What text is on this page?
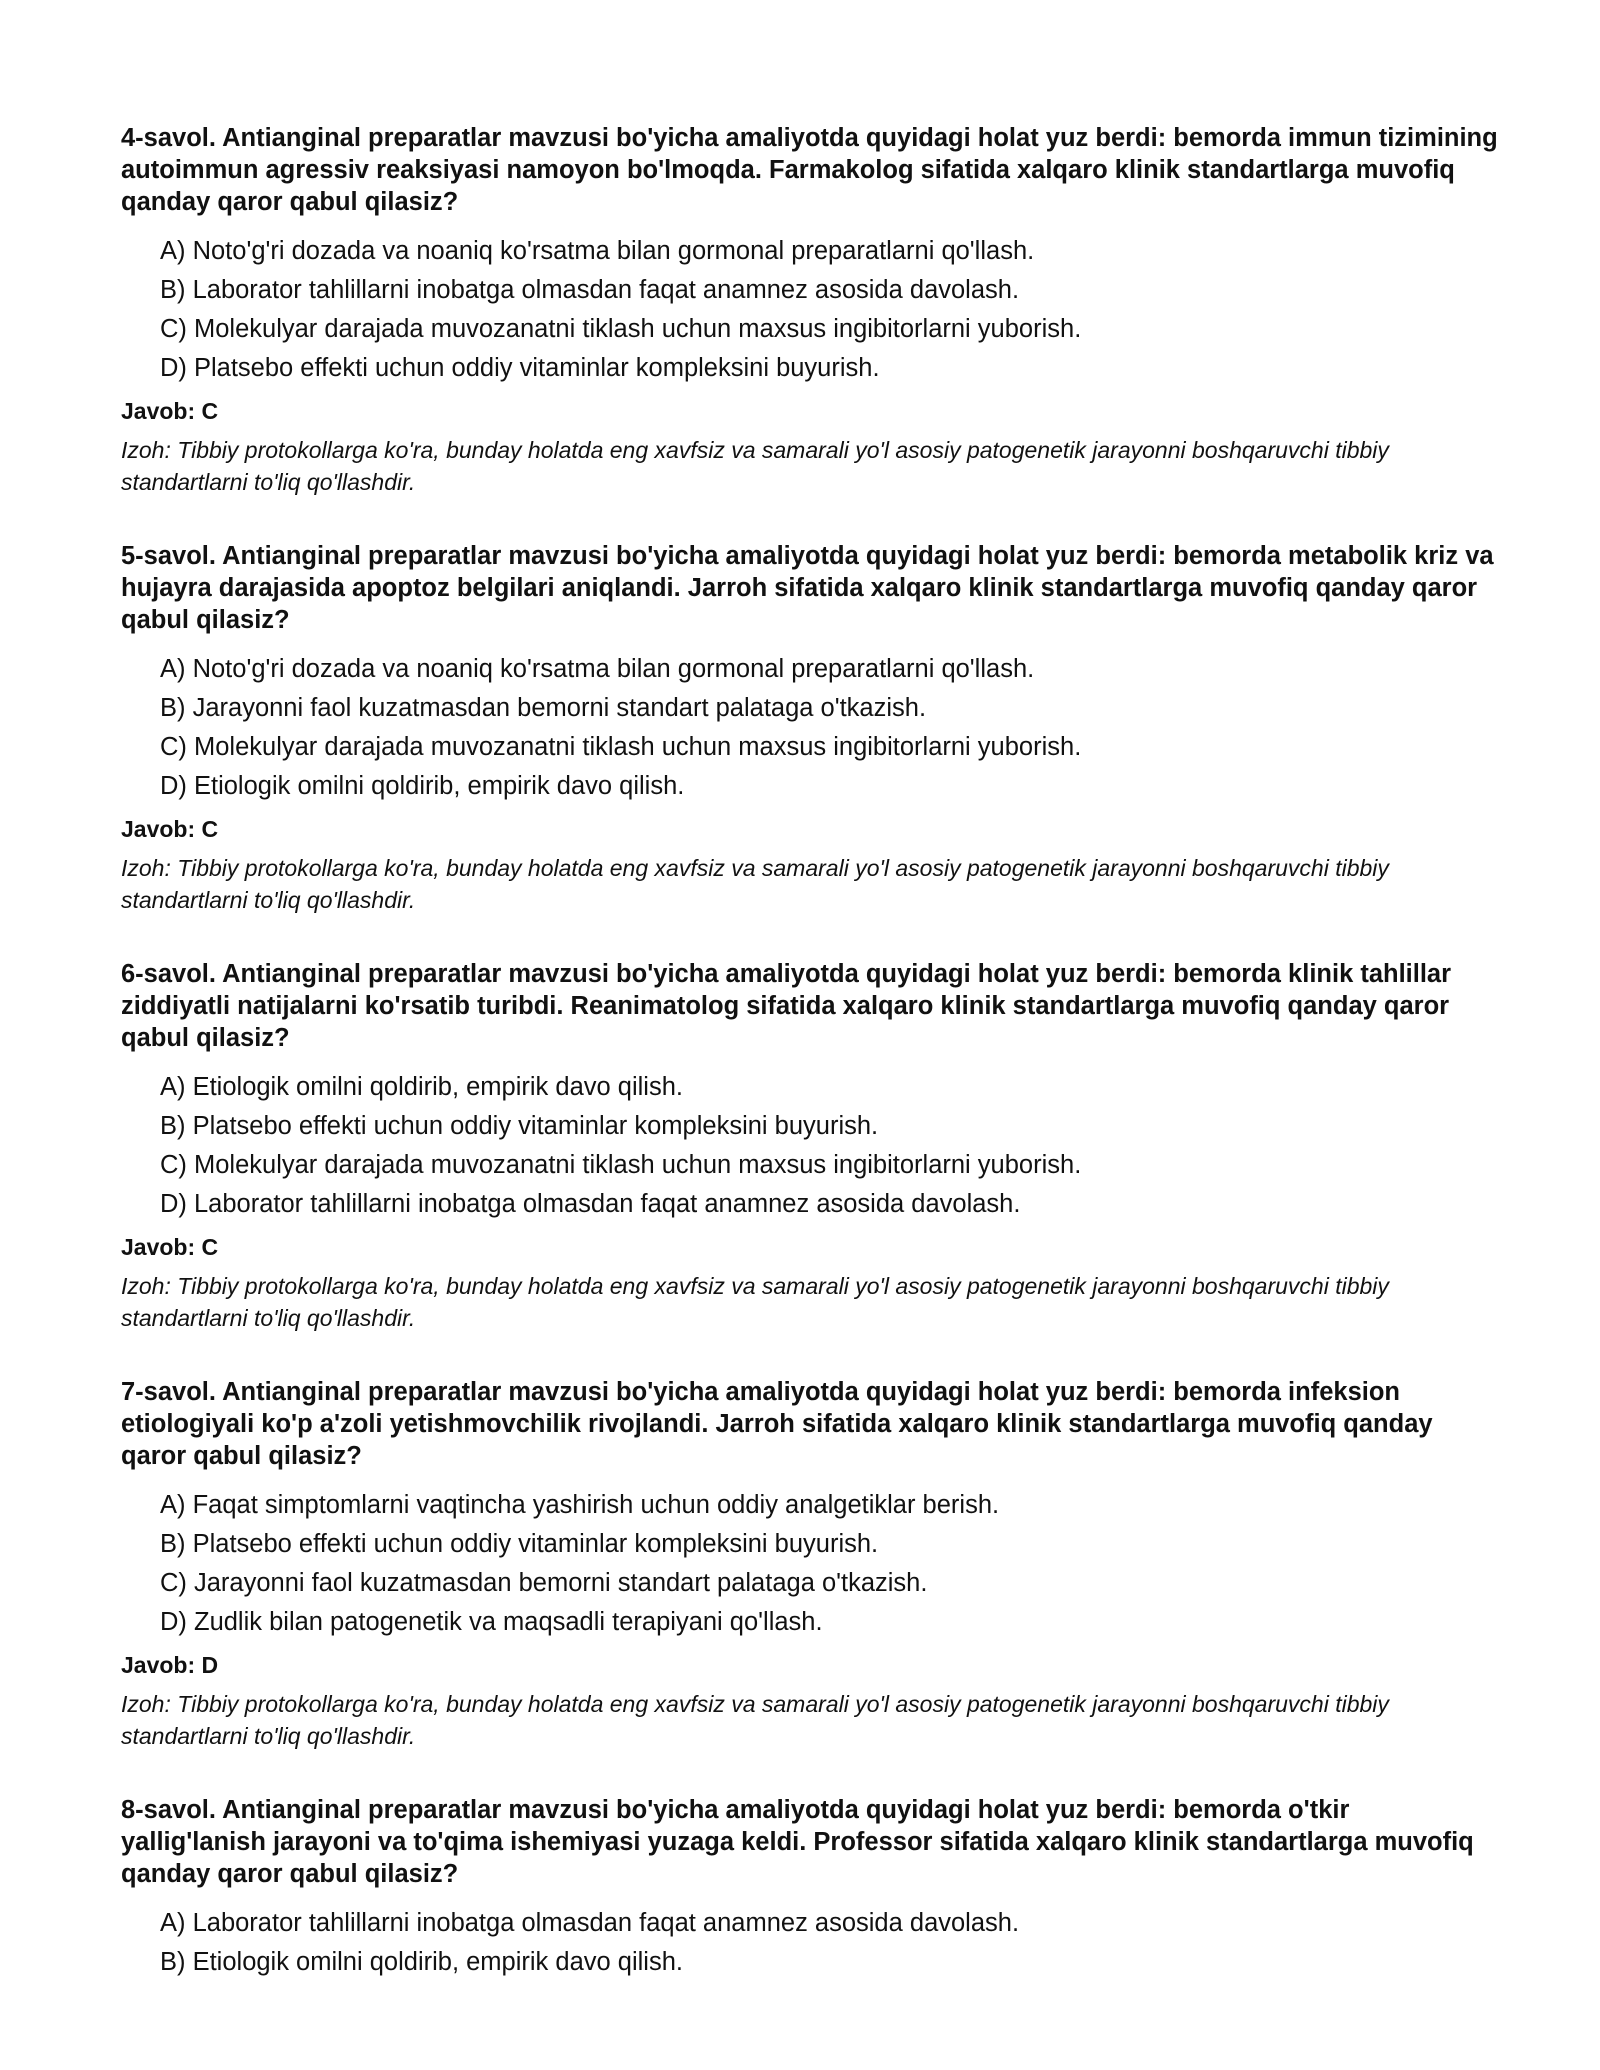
4-savol. Antianginal preparatlar mavzusi bo'yicha amaliyotda quyidagi holat yuz berdi: bemorda immun tizimining autoimmun agressiv reaksiyasi namoyon bo'lmoqda. Farmakolog sifatida xalqaro klinik standartlarga muvofiq qanday qaror qabul qilasiz?

A) Noto'g'ri dozada va noaniq ko'rsatma bilan gormonal preparatlarni qo'llash.

B) Laborator tahlillarni inobatga olmasdan faqat anamnez asosida davolash.

C) Molekulyar darajada muvozanatni tiklash uchun maxsus ingibitorlarni yuborish.

D) Platsebo effekti uchun oddiy vitaminlar kompleksini buyurish.

Javob: C
Izoh: Tibbiy protokollarga ko'ra, bunday holatda eng xavfsiz va samarali yo'l asosiy patogenetik jarayonni boshqaruvchi tibbiy standartlarni to'liq qo'llashdir.

5-savol. Antianginal preparatlar mavzusi bo'yicha amaliyotda quyidagi holat yuz berdi: bemorda metabolik kriz va hujayra darajasida apoptoz belgilari aniqlandi. Jarroh sifatida xalqaro klinik standartlarga muvofiq qanday qaror qabul qilasiz?

A) Noto'g'ri dozada va noaniq ko'rsatma bilan gormonal preparatlarni qo'llash.

B) Jarayonni faol kuzatmasdan bemorni standart palataga o'tkazish.

C) Molekulyar darajada muvozanatni tiklash uchun maxsus ingibitorlarni yuborish.

D) Etiologik omilni qoldirib, empirik davo qilish.

Javob: C
Izoh: Tibbiy protokollarga ko'ra, bunday holatda eng xavfsiz va samarali yo'l asosiy patogenetik jarayonni boshqaruvchi tibbiy standartlarni to'liq qo'llashdir.

6-savol. Antianginal preparatlar mavzusi bo'yicha amaliyotda quyidagi holat yuz berdi: bemorda klinik tahlillar ziddiyatli natijalarni ko'rsatib turibdi. Reanimatolog sifatida xalqaro klinik standartlarga muvofiq qanday qaror qabul qilasiz?

A) Etiologik omilni qoldirib, empirik davo qilish.

B) Platsebo effekti uchun oddiy vitaminlar kompleksini buyurish.

C) Molekulyar darajada muvozanatni tiklash uchun maxsus ingibitorlarni yuborish.

D) Laborator tahlillarni inobatga olmasdan faqat anamnez asosida davolash.

Javob: C
Izoh: Tibbiy protokollarga ko'ra, bunday holatda eng xavfsiz va samarali yo'l asosiy patogenetik jarayonni boshqaruvchi tibbiy standartlarni to'liq qo'llashdir.

7-savol. Antianginal preparatlar mavzusi bo'yicha amaliyotda quyidagi holat yuz berdi: bemorda infeksion etiologiyali ko'p a'zoli yetishmovchilik rivojlandi. Jarroh sifatida xalqaro klinik standartlarga muvofiq qanday qaror qabul qilasiz?

A) Faqat simptomlarni vaqtincha yashirish uchun oddiy analgetiklar berish.

B) Platsebo effekti uchun oddiy vitaminlar kompleksini buyurish.

C) Jarayonni faol kuzatmasdan bemorni standart palataga o'tkazish.

D) Zudlik bilan patogenetik va maqsadli terapiyani qo'llash.

Javob: D
Izoh: Tibbiy protokollarga ko'ra, bunday holatda eng xavfsiz va samarali yo'l asosiy patogenetik jarayonni boshqaruvchi tibbiy standartlarni to'liq qo'llashdir.

8-savol. Antianginal preparatlar mavzusi bo'yicha amaliyotda quyidagi holat yuz berdi: bemorda o'tkir yallig'lanish jarayoni va to'qima ishemiyasi yuzaga keldi. Professor sifatida xalqaro klinik standartlarga muvofiq qanday qaror qabul qilasiz?

A) Laborator tahlillarni inobatga olmasdan faqat anamnez asosida davolash.

B) Etiologik omilni qoldirib, empirik davo qilish.
